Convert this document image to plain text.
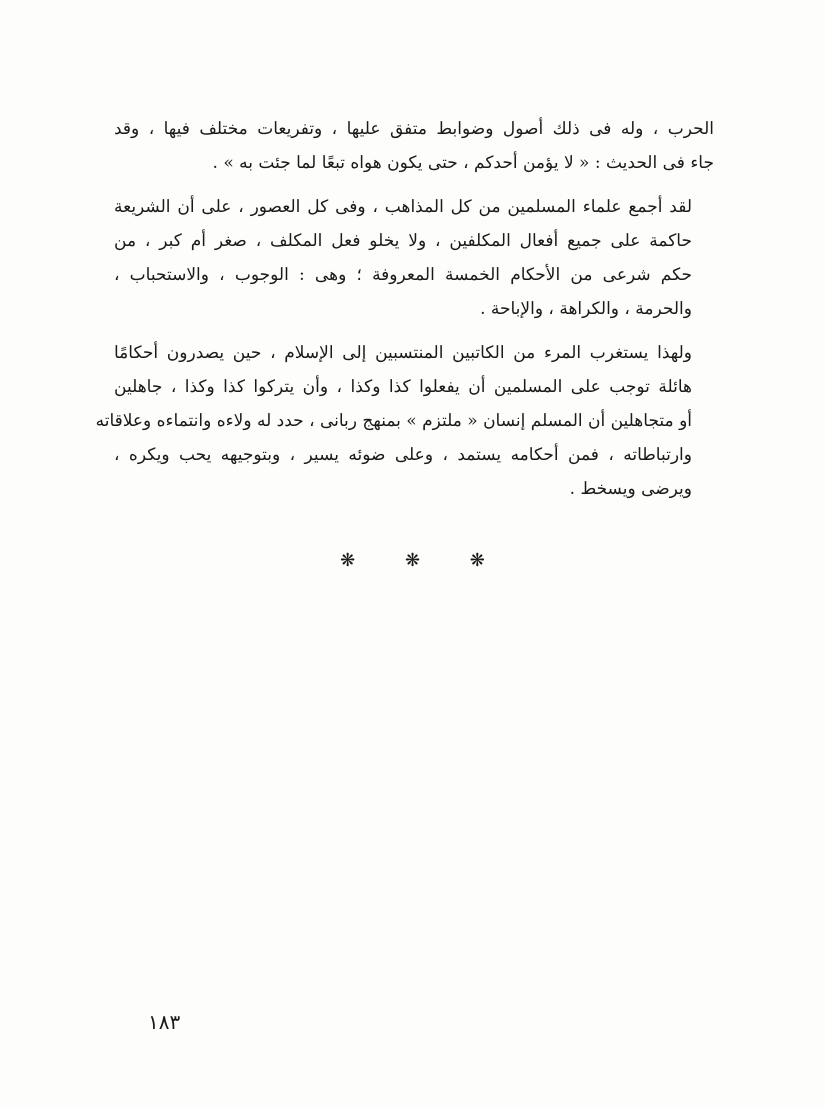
الحرب ، وله فى ذلك أصول وضوابط متفق عليها ، وتفريعات مختلف فيها ، وقد
جاء فى الحديث : « لا يؤمن أحدكم ، حتى يكون هواه تبعًا لما جئت به » .

لقد أجمع علماء المسلمين من كل المذاهب ، وفى كل العصور ، على أن الشريعة
حاكمة على جميع أفعال المكلفين ، ولا يخلو فعل المكلف ، صغر أم كبر ، من
حكم شرعى من الأحكام الخمسة المعروفة ؛ وهى : الوجوب ، والاستحباب ،
والحرمة ، والكراهة ، والإباحة .

ولهذا يستغرب المرء من الكاتبين المنتسبين إلى الإسلام ، حين يصدرون أحكامًا
هائلة توجب على المسلمين أن يفعلوا كذا وكذا ، وأن يتركوا كذا وكذا ، جاهلين
أو متجاهلين أن المسلم إنسان « ملتزم » بمنهج ربانى ، حدد له ولاءه وانتماءه وعلاقاته
وارتباطاته ، فمن أحكامه يستمد ، وعلى ضوئه يسير ، وبتوجيهه يحب ويكره ،
ويرضى ويسخط .

❋	❋	❋
١٨٣
